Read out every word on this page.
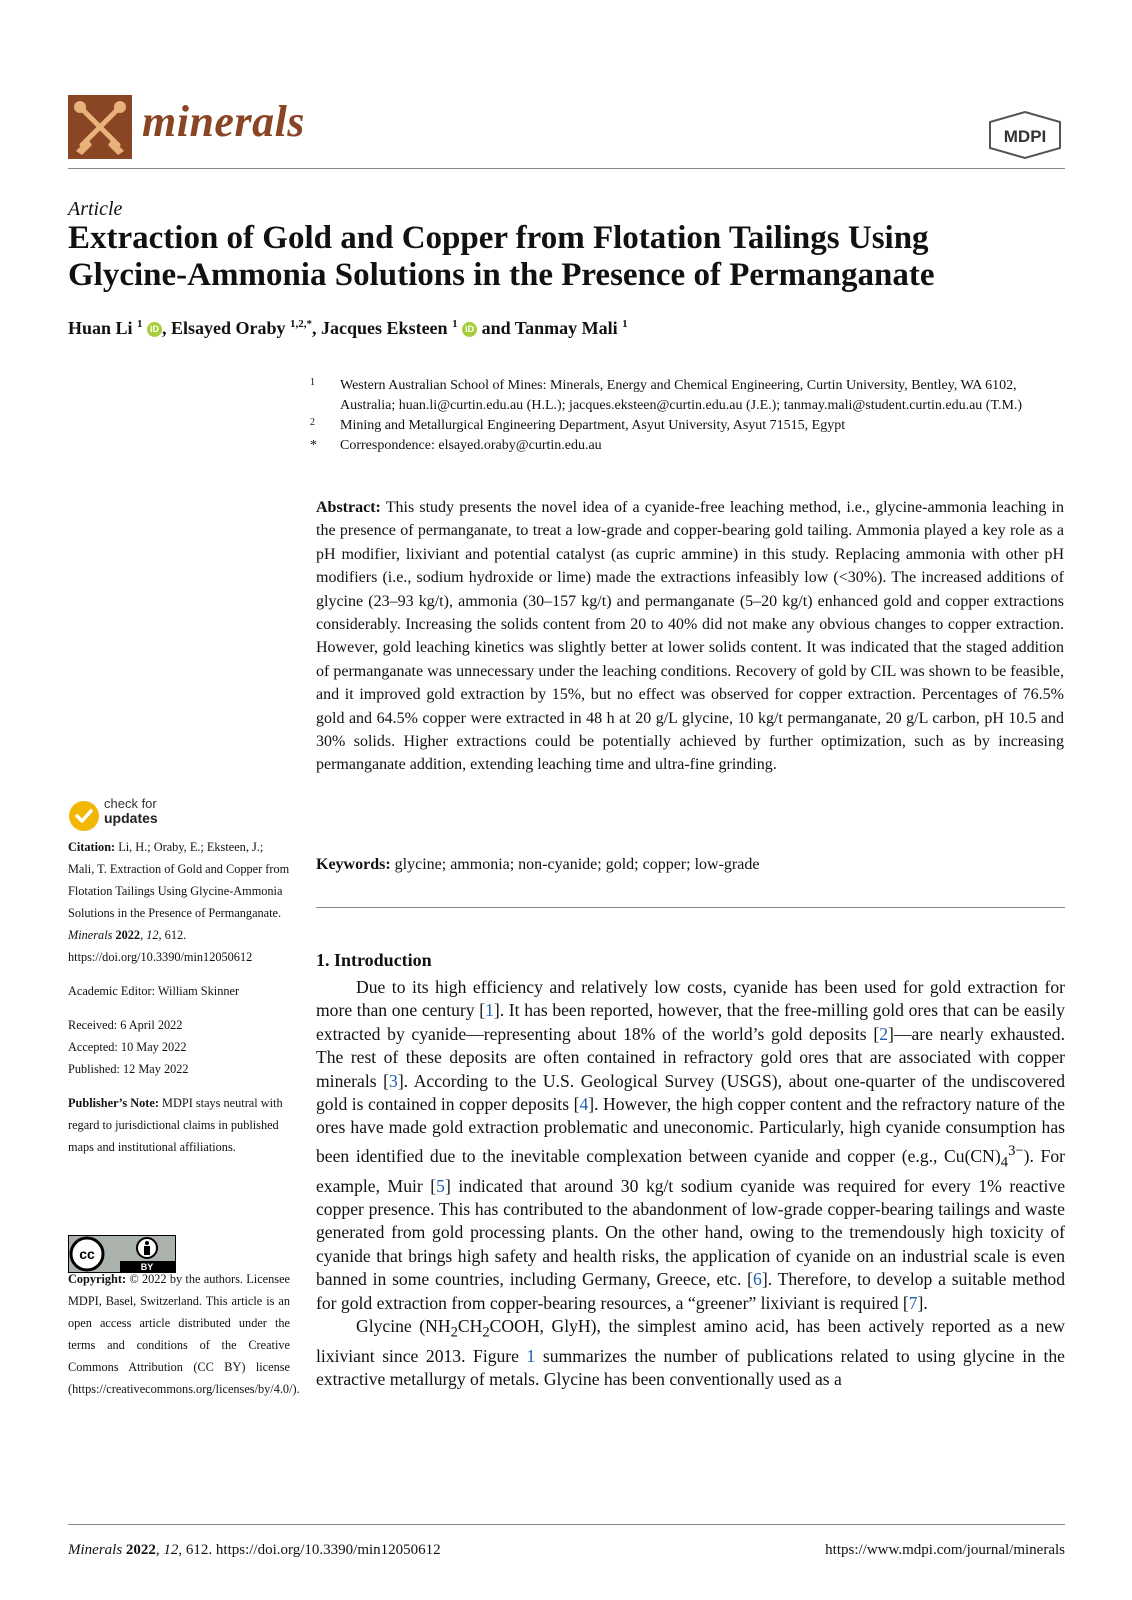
minerals	MDPI
Article
Extraction of Gold and Copper from Flotation Tailings Using
Glycine-Ammonia Solutions in the Presence of Permanganate
Huan Li $^1$ iD , Elsayed Oraby $^{1,2,*}$, Jacques Eksteen $^1$ iD and Tanmay Mali $^1$
1 Western Australian School of Mines: Minerals, Energy and Chemical Engineering, Curtin University, Bentley, WA 6102, Australia; huan.li@curtin.edu.au (H.L.); jacques.eksteen@curtin.edu.au (J.E.); tanmay.mali@student.curtin.edu.au (T.M.)
2 Mining and Metallurgical Engineering Department, Asyut University, Asyut 71515, Egypt
* Correspondence: elsayed.oraby@curtin.edu.au
Abstract: This study presents the novel idea of a cyanide-free leaching method, i.e., glycine-ammonia leaching in the presence of permanganate, to treat a low-grade and copper-bearing gold tailing. Ammonia played a key role as a pH modifier, lixiviant and potential catalyst (as cupric ammine) in this study. Replacing ammonia with other pH modifiers (i.e., sodium hydroxide or lime) made the extractions infeasibly low (<30%). The increased additions of glycine (23–93 kg/t), ammonia (30–157 kg/t) and permanganate (5–20 kg/t) enhanced gold and copper extractions considerably. Increasing the solids content from 20 to 40% did not make any obvious changes to copper extraction. However, gold leaching kinetics was slightly better at lower solids content. It was indicated that the staged addition of permanganate was unnecessary under the leaching conditions. Recovery of gold by CIL was shown to be feasible, and it improved gold extraction by 15%, but no effect was observed for copper extraction. Percentages of 76.5% gold and 64.5% copper were extracted in 48 h at 20 g/L glycine, 10 kg/t permanganate, 20 g/L carbon, pH 10.5 and 30% solids. Higher extractions could be potentially achieved by further optimization, such as by increasing permanganate addition, extending leaching time and ultra-fine grinding.
Keywords: glycine; ammonia; non-cyanide; gold; copper; low-grade
1. Introduction

Due to its high efficiency and relatively low costs, cyanide has been used for gold extraction for more than one century [1]. It has been reported, however, that the free-milling gold ores that can be easily extracted by cyanide—representing about 18% of the world’s gold deposits [2]—are nearly exhausted. The rest of these deposits are often contained in refractory gold ores that are associated with copper minerals [3]. According to the U.S. Geological Survey (USGS), about one-quarter of the undiscovered gold is contained in copper deposits [4]. However, the high copper content and the refractory nature of the ores have made gold extraction problematic and uneconomic. Particularly, high cyanide consumption has been identified due to the inevitable complexation between cyanide and copper (e.g., $Cu(CN)_4^{3-}$). For example, Muir [5] indicated that around 30 kg/t sodium cyanide was required for every 1% reactive copper presence. This has contributed to the abandonment of low-grade copper-bearing tailings and waste generated from gold processing plants. On the other hand, owing to the tremendously high toxicity of cyanide that brings high safety and health risks, the application of cyanide on an industrial scale is even banned in some countries, including Germany, Greece, etc. [6]. Therefore, to develop a suitable method for gold extraction from copper-bearing resources, a “greener” lixiviant is required [7].

Glycine ($NH_2CH_2COOH$, GlyH), the simplest amino acid, has been actively reported as a new lixiviant since 2013. Figure 1 summarizes the number of publications related to using glycine in the extractive metallurgy of metals. Glycine has been conventionally used as a

check for
updates
Citation: Li, H.; Oraby, E.; Eksteen, J.; Mali, T. Extraction of Gold and Copper from Flotation Tailings Using Glycine-Ammonia Solutions in the Presence of Permanganate. Minerals 2022, 12, 612. https://doi.org/10.3390/min12050612
Academic Editor: William Skinner
Received: 6 April 2022
Accepted: 10 May 2022
Published: 12 May 2022
Publisher’s Note: MDPI stays neutral with regard to jurisdictional claims in published maps and institutional affiliations.
cc
BY
Copyright: © 2022 by the authors. Licensee MDPI, Basel, Switzerland. This article is an open access article distributed under the terms and conditions of the Creative Commons Attribution (CC BY) license (https://creativecommons.org/licenses/by/4.0/).
Minerals 2022, 12, 612. https://doi.org/10.3390/min12050612	https://www.mdpi.com/journal/minerals
